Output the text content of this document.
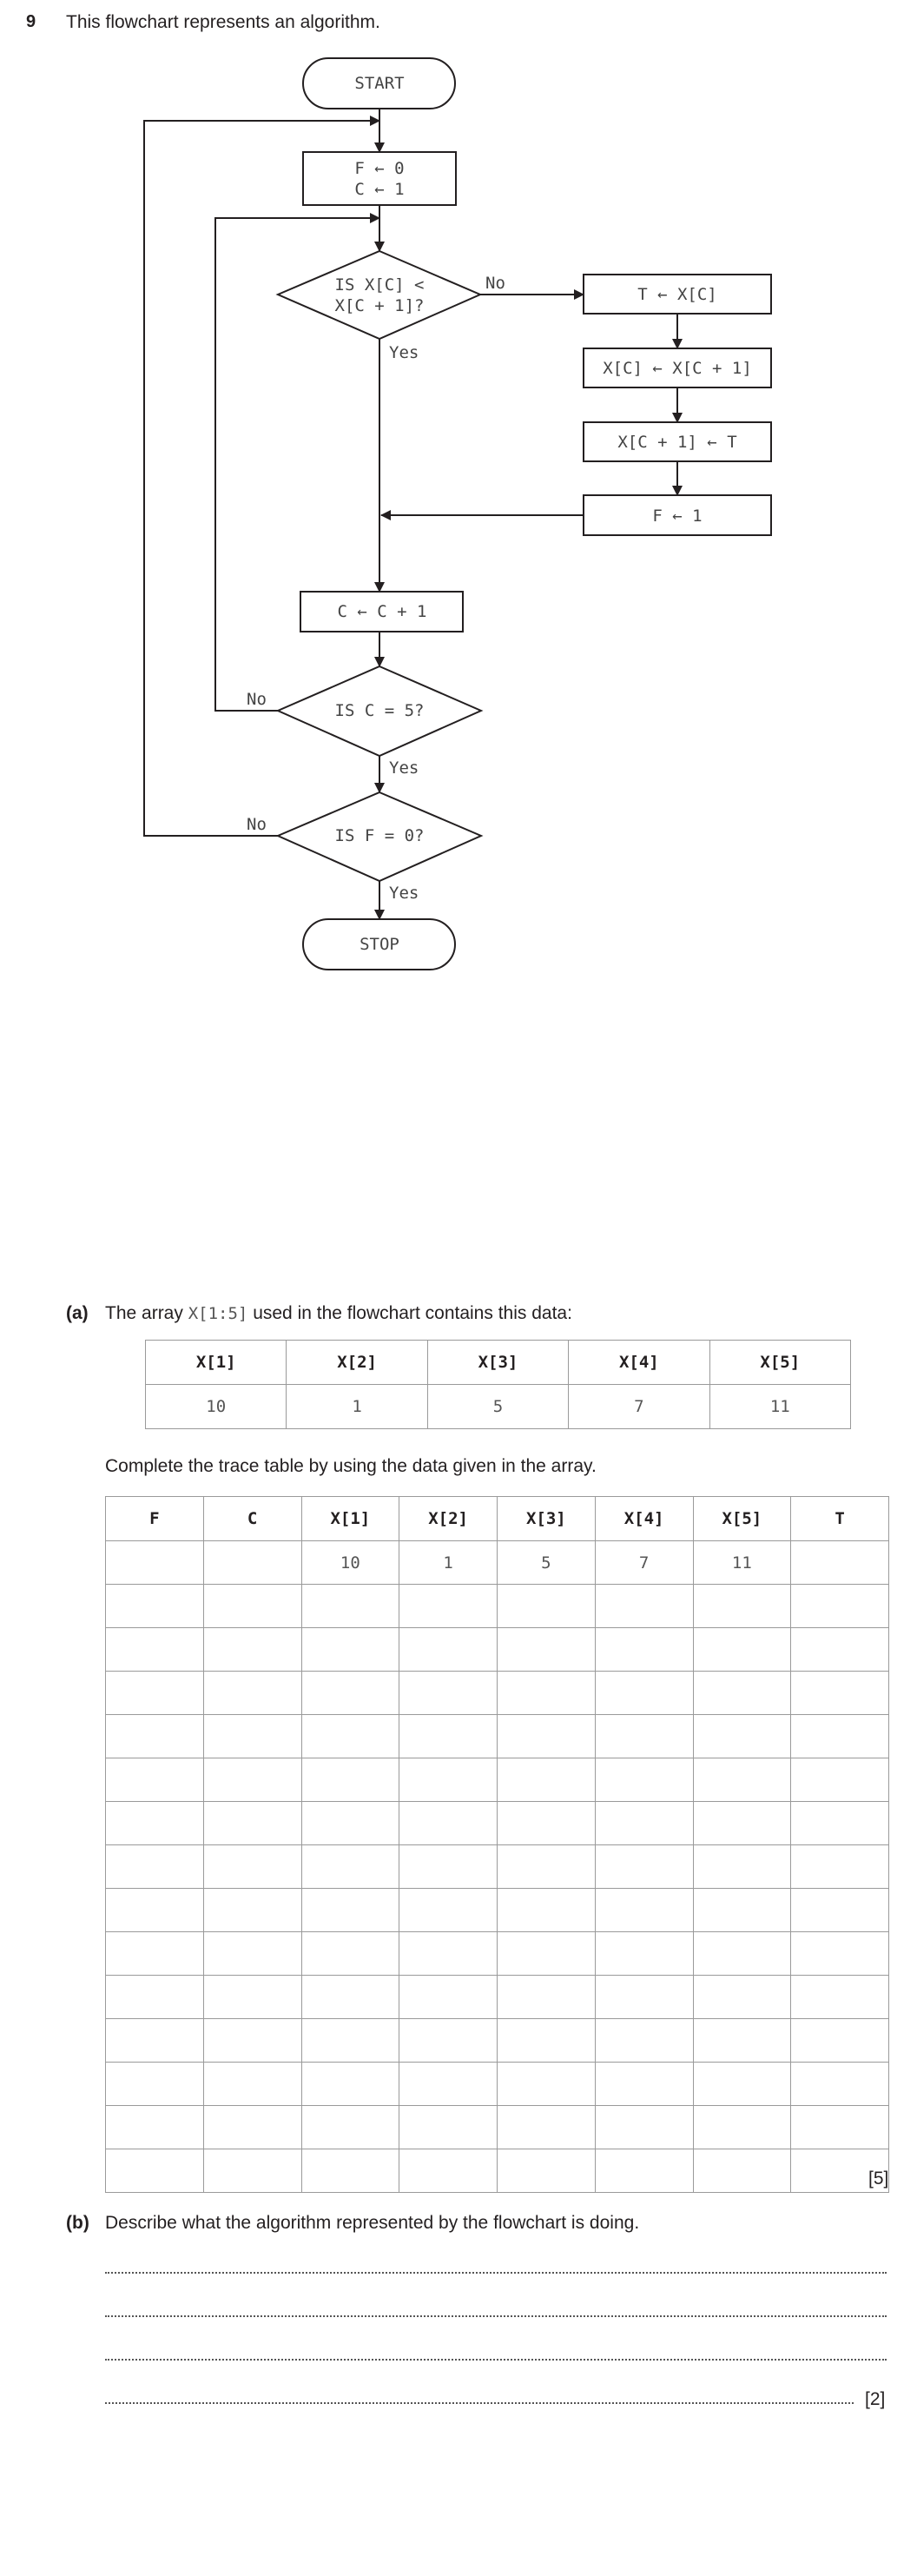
9 This flowchart represents an algorithm.
START
F ← 0
C ← 1
IS X[C] <
X[C + 1]?
T ← X[C]
X[C] ← X[C + 1]
X[C + 1] ← T
F ← 1
C ← C + 1
IS C = 5?
IS F = 0?
STOP
No
Yes
No
Yes
No
Yes
(a) The array X[1:5] used in the flowchart contains this data:
X[1]	X[2]	X[3]	X[4]	X[5]
10	1	5	7	11
Complete the trace table by using the data given in the array.
F	C	X[1]	X[2]	X[3]	X[4]	X[5]	T
		10	1	5	7	11	

[5]
(b) Describe what the algorithm represented by the flowchart is doing.
[2]
